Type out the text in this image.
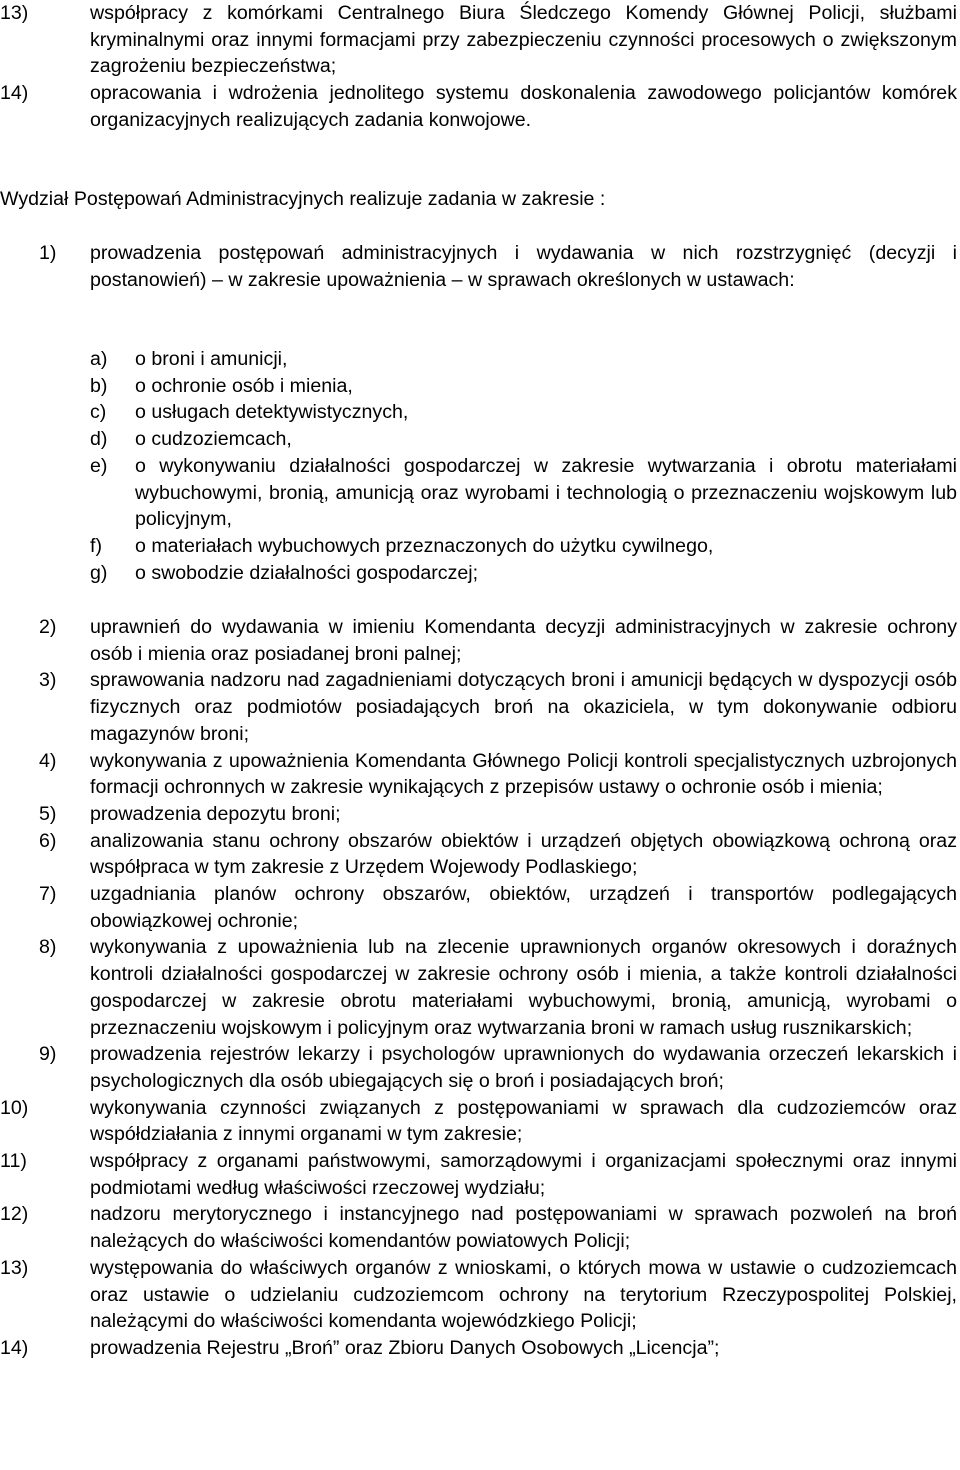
13)	współpracy z komórkami Centralnego Biura Śledczego Komendy Głównej Policji, służbami kryminalnymi oraz innymi formacjami przy zabezpieczeniu czynności procesowych o zwiększonym zagrożeniu bezpieczeństwa;
14)	opracowania i wdrożenia jednolitego systemu doskonalenia zawodowego policjantów komórek organizacyjnych realizujących zadania konwojowe.
Wydział Postępowań Administracyjnych realizuje zadania w zakresie :
1)	prowadzenia postępowań administracyjnych i wydawania w nich rozstrzygnięć (decyzji i postanowień) – w zakresie upoważnienia – w sprawach określonych w ustawach:
a)	o broni i amunicji,
b)	o ochronie osób i mienia,
c)	o usługach detektywistycznych,
d)	o cudzoziemcach,
e)	o wykonywaniu działalności gospodarczej w zakresie wytwarzania i obrotu materiałami wybuchowymi, bronią, amunicją oraz wyrobami i technologią o przeznaczeniu wojskowym lub policyjnym,
f)	o materiałach wybuchowych przeznaczonych do użytku cywilnego,
g)	o swobodzie działalności gospodarczej;
2)	uprawnień do wydawania w imieniu Komendanta decyzji administracyjnych w zakresie ochrony osób i mienia oraz posiadanej broni palnej;
3)	sprawowania nadzoru nad zagadnieniami dotyczących broni i amunicji będących w dyspozycji osób fizycznych oraz podmiotów posiadających broń na okaziciela, w tym dokonywanie odbioru magazynów broni;
4)	wykonywania z upoważnienia Komendanta Głównego Policji kontroli specjalistycznych uzbrojonych formacji ochronnych w zakresie wynikających z przepisów ustawy o ochronie osób i mienia;
5)	prowadzenia depozytu broni;
6)	analizowania stanu ochrony obszarów obiektów i urządzeń objętych obowiązkową ochroną oraz współpraca w tym zakresie z Urzędem Wojewody Podlaskiego;
7)	uzgadniania planów ochrony obszarów, obiektów, urządzeń i transportów podlegających obowiązkowej ochronie;
8)	wykonywania z upoważnienia lub na zlecenie uprawnionych organów okresowych i doraźnych kontroli działalności gospodarczej w zakresie ochrony osób i mienia, a także kontroli działalności gospodarczej w zakresie obrotu materiałami wybuchowymi, bronią, amunicją, wyrobami o przeznaczeniu wojskowym i policyjnym oraz wytwarzania broni w ramach usług rusznikarskich;
9)	prowadzenia rejestrów lekarzy i psychologów uprawnionych do wydawania orzeczeń lekarskich i psychologicznych dla osób ubiegających się o broń i posiadających broń;
10)	wykonywania czynności związanych z postępowaniami w sprawach dla cudzoziemców oraz współdziałania z innymi organami w tym zakresie;
11)	współpracy z organami państwowymi, samorządowymi i organizacjami społecznymi oraz innymi podmiotami według właściwości rzeczowej wydziału;
12)	nadzoru merytorycznego i instancyjnego nad postępowaniami w sprawach pozwoleń na broń należących do właściwości komendantów powiatowych Policji;
13)	występowania do właściwych organów z wnioskami, o których mowa w ustawie o cudzoziemcach oraz ustawie o udzielaniu cudzoziemcom ochrony na terytorium Rzeczypospolitej Polskiej, należącymi do właściwości komendanta wojewódzkiego Policji;
14)	prowadzenia Rejestru „Broń” oraz Zbioru Danych Osobowych „Licencja”;
